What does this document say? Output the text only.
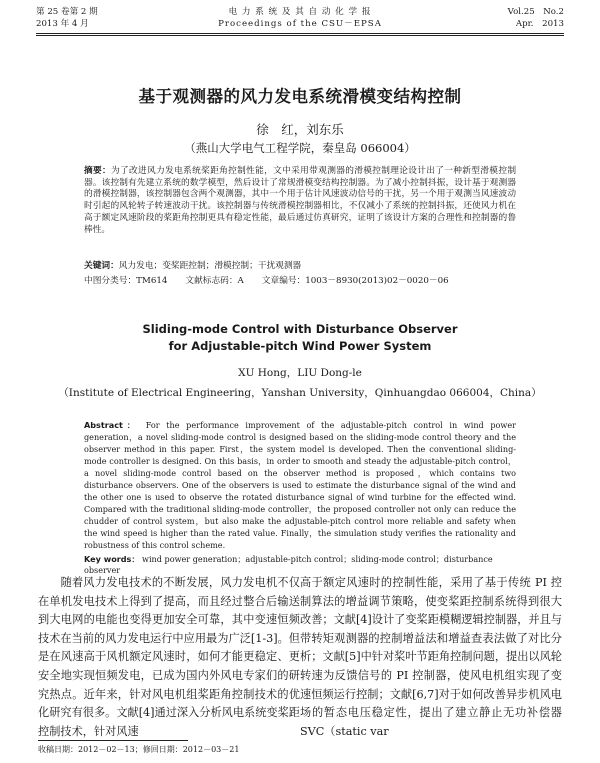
第 25 卷第 2 期	电 力 系 统 及 其 自 动 化 学 报	Vol.25　No.2
2013 年 4 月	Proceedings of the CSU－EPSA	Apr.　2013
基于观测器的风力发电系统滑模变结构控制
徐　红，刘东乐
（燕山大学电气工程学院，秦皇岛 066004）
摘要：为了改进风力发电系统桨距角控制性能，文中采用带观测器的滑模控制理论设计出了一种新型滑模控制器。该控制有先建立系统的数学模型，然后设计了常规滑模变结构控制器。为了减小控制抖振，设计基于观测器的滑模控制器，该控制器包含两个观测器，其中一个用于估计风速波动信号的干扰，另一个用于观测当风速波动时引起的风轮转子转速波动干扰。该控制器与传统滑模控制器相比，不仅减小了系统的控制抖振，还使风力机在高于额定风速阶段的桨距角控制更具有稳定性能，最后通过仿真研究，证明了该设计方案的合理性和控制器的鲁棒性。
关键词：风力发电；变桨距控制；滑模控制；干扰观测器
中图分类号：TM614 文献标志码：A 文章编号：1003－8930(2013)02－0020－06
Sliding-mode Control with Disturbance Observer
for Adjustable-pitch Wind Power System
XU Hong，LIU Dong-le
（Institute of Electrical Engineering，Yanshan University，Qinhuangdao 066004，China）
Abstract： For the performance improvement of the adjustable-pitch control in wind power generation，a novel sliding-mode control is designed based on the sliding-mode control theory and the observer method in this paper. First，the system model is developed. Then the conventional sliding-mode controller is designed. On this basis，in order to smooth and steady the adjustable-pitch control，a novel sliding-mode control based on the observer method is proposed，which contains two disturbance observers. One of the observers is used to estimate the disturbance signal of the wind and the other one is used to observe the rotated disturbance signal of wind turbine for the effected wind. Compared with the traditional sliding-mode controller，the proposed controller not only can reduce the chudder of control system，but also make the adjustable-pitch control more reliable and safety when the wind speed is higher than the rated value. Finally，the simulation study verifies the rationality and robustness of this control scheme.
Key words： wind power generation；adjustable-pitch control；sliding-mode control；disturbance observer
随着风力发电技术的不断发展，风力发电机不仅在单机发电技术上得到了提高，而且经过整合后输送到大电网的电能也变得更加安全可靠，其中变速恒频技术在当前的风力发电运行中应用最为广泛[1-3]。但是在风速高于风机额定风速时，如何才能更稳定、更安全地实现恒频发电，已成为国内外风电专家们的研究热点。近年来，针对风电机组桨距角控制技术的优化研究有很多。文献[4]通过深入分析风电系统变桨距控制技术，针对风速
高于额定风速时的控制性能，采用了基于传统 PI 控制算法的增益调节策略，使变桨距控制系统得到很大改善；文献[4]设计了变桨距模糊逻辑控制器，并且与带转矩观测器的控制增益法和增益查表法做了对比分析；文献[5]中针对桨叶节距角控制问题，提出以风轮转速为反馈信号的 PI 控制器，使风电机组实现了变速恒频运行控制；文献[6,7]对于如何改善异步机风电场的暂态电压稳定性，提出了建立静止无功补偿器 SVC（static var
收稿日期：2012－02－13；修回日期：2012－03－21
